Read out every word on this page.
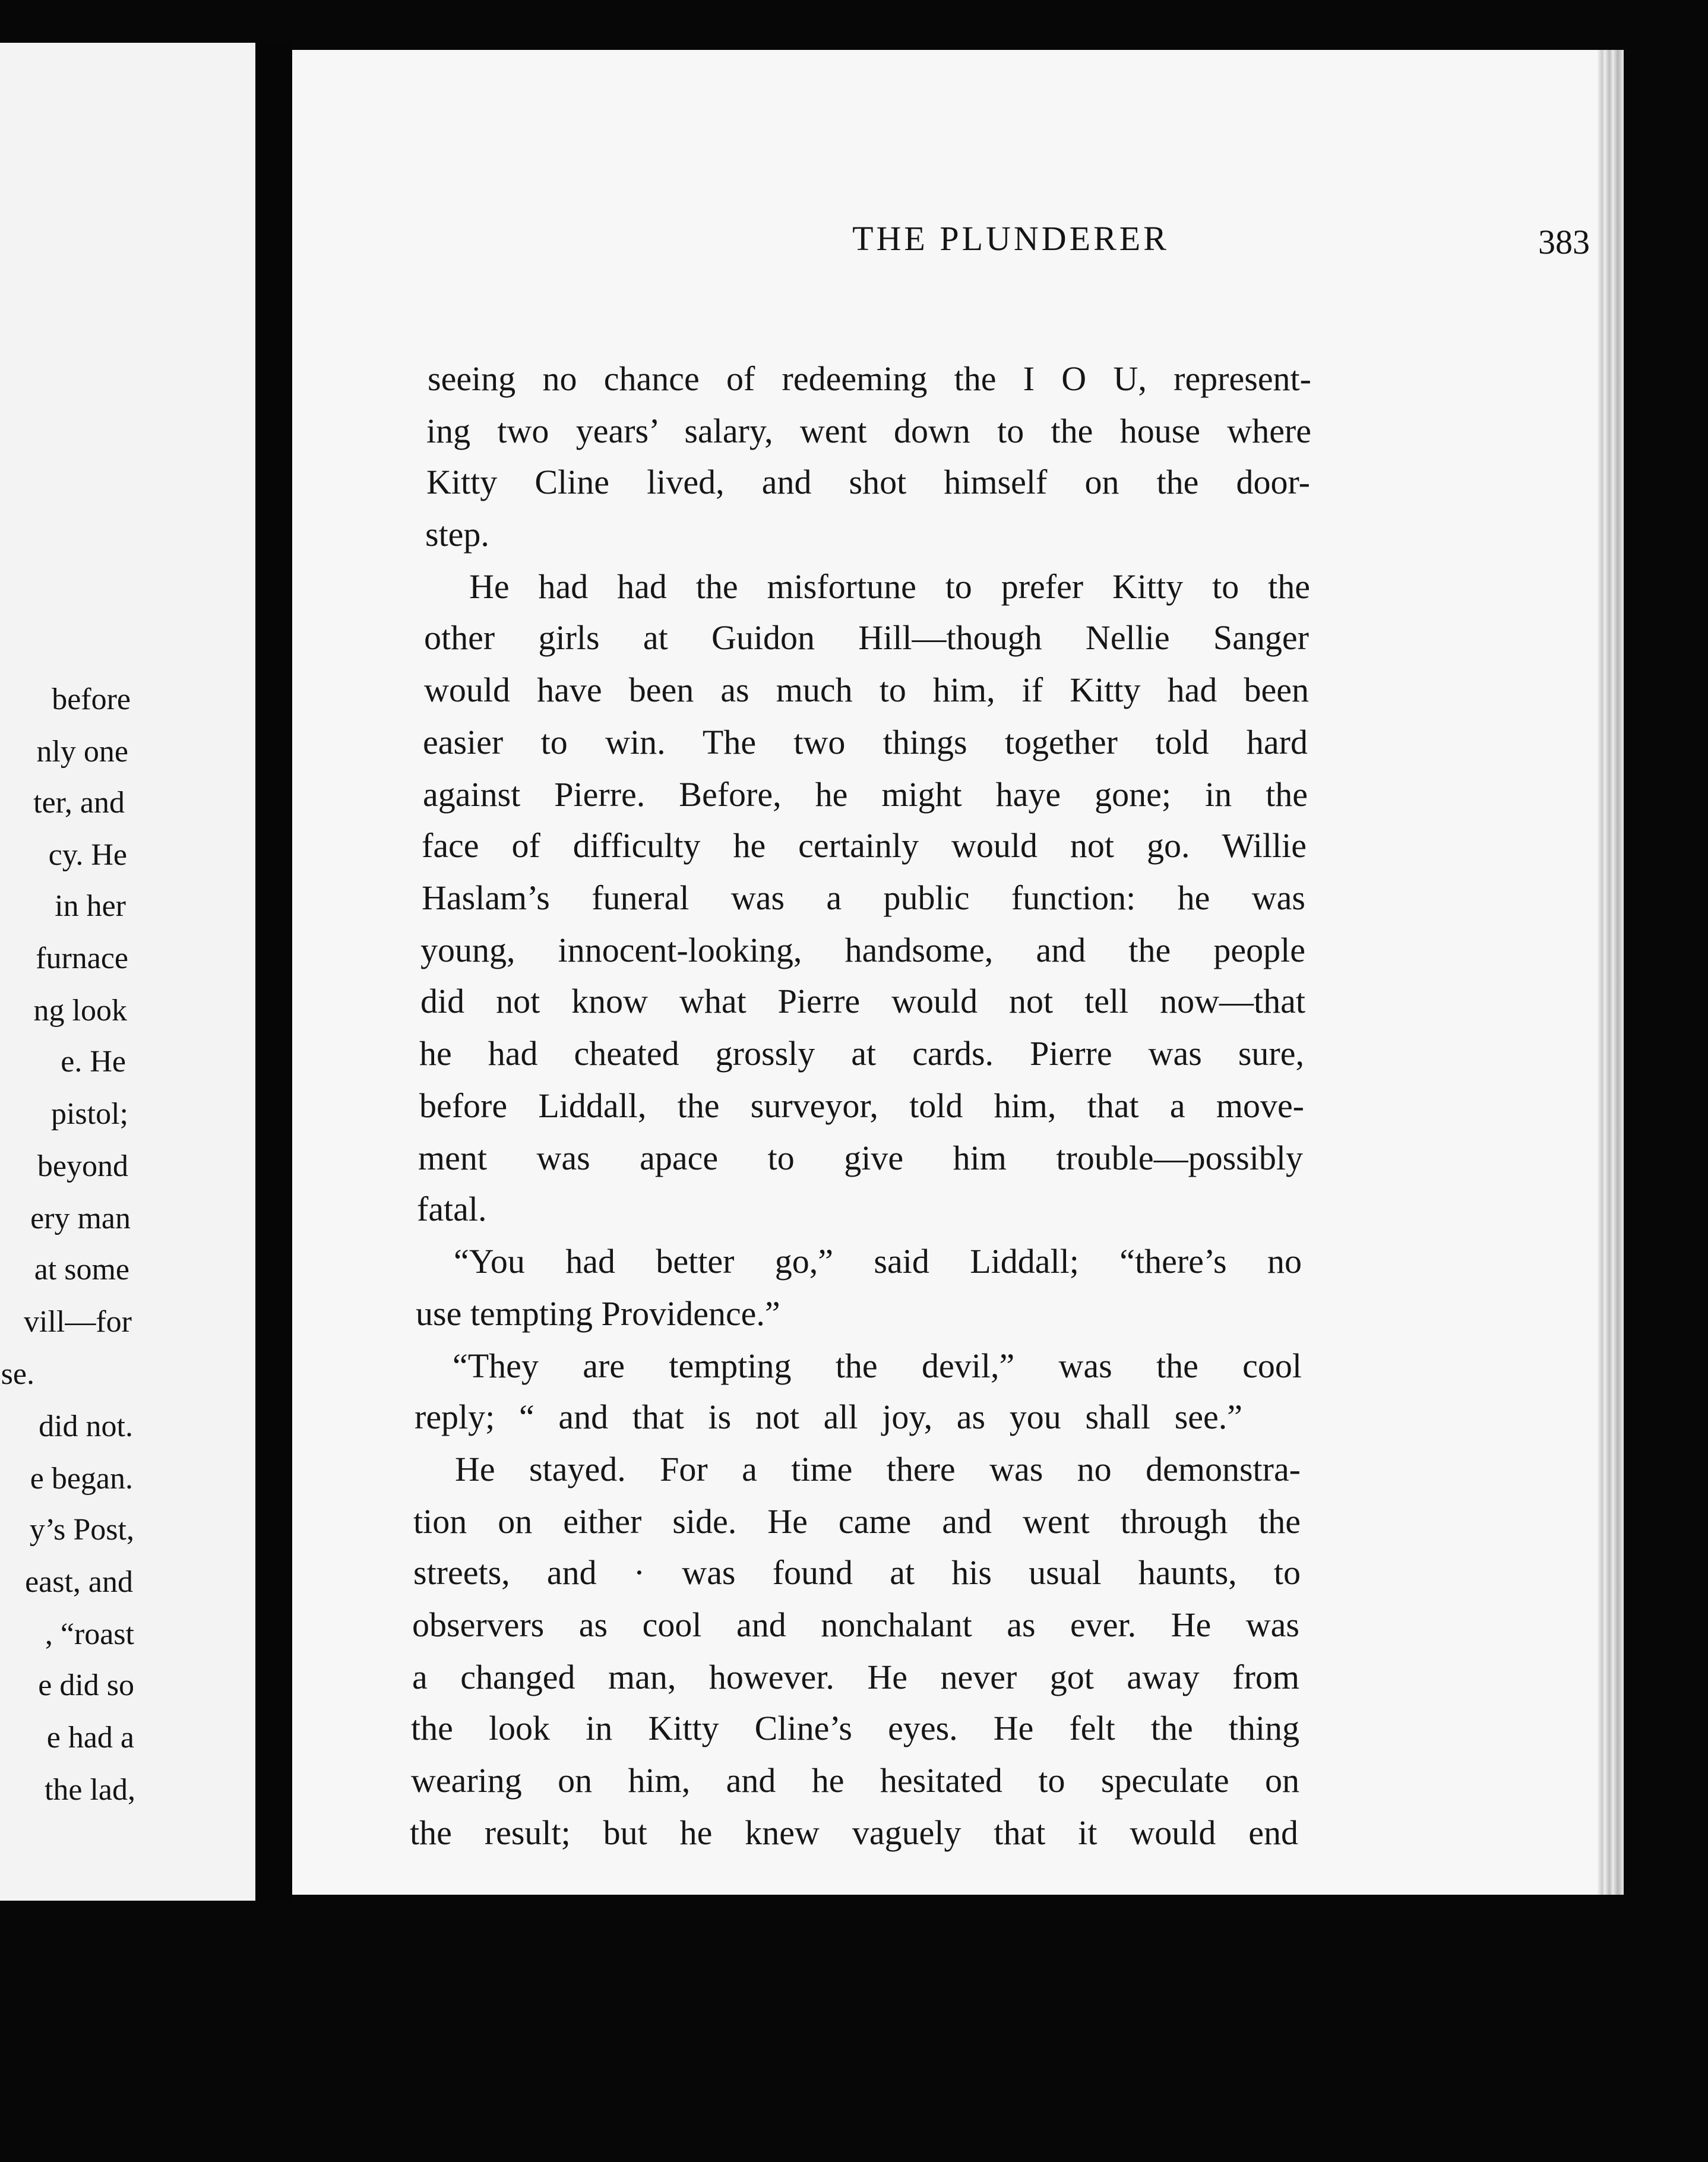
before
nly one
ter, and
cy. He
in her
furnace
ng look
e. He
pistol;
beyond
ery man
at some
vill—for
se.
did not.
e began.
y’s Post,
east, and
, “roast
e did so
e had a
the lad,
THE PLUNDERER	383
seeing no chance of redeeming the I O U, represent-
ing two years’ salary, went down to the house where
Kitty Cline lived, and shot himself on the door-
step.
He had had the misfortune to prefer Kitty to the
other girls at Guidon Hill—though Nellie Sanger
would have been as much to him, if Kitty had been
easier to win. The two things together told hard
against Pierre. Before, he might haye gone; in the
face of difficulty he certainly would not go. Willie
Haslam’s funeral was a public function: he was
young, innocent-looking, handsome, and the people
did not know what Pierre would not tell now—that
he had cheated grossly at cards. Pierre was sure,
before Liddall, the surveyor, told him, that a move-
ment was apace to give him trouble—possibly
fatal.
“You had better go,” said Liddall; “there’s no
use tempting Providence.”
“They are tempting the devil,” was the cool
reply; “ and that is not all joy, as you shall see.”
He stayed. For a time there was no demonstra-
tion on either side. He came and went through the
streets, and · was found at his usual haunts, to
observers as cool and nonchalant as ever. He was
a changed man, however. He never got away from
the look in Kitty Cline’s eyes. He felt the thing
wearing on him, and he hesitated to speculate on
the result; but he knew vaguely that it would end
